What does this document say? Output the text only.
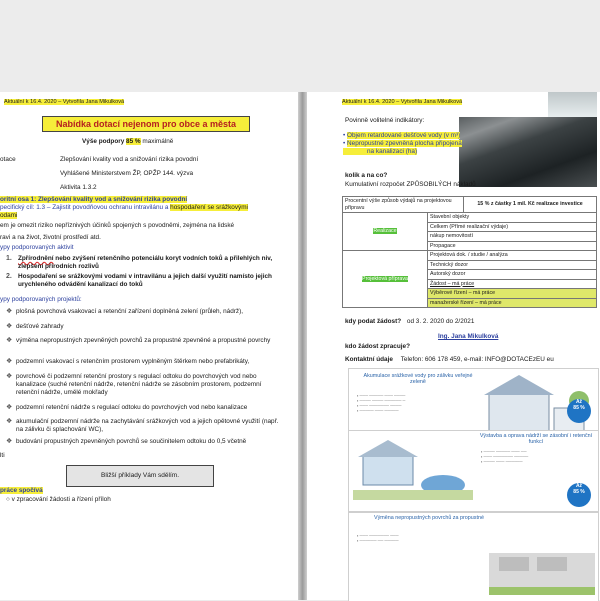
Aktuální k 16.4. 2020 – Vytvořila Jana Mikulková
Nabídka dotací nejenom pro obce a města
Výše podpory 85 % maximálně
otace	Zlepšování kvality vod a snižování rizika povodní
Vyhlášené Ministerstvem ŽP, OPŽP 144. výzva
Aktivita 1.3.2
oritní osa 1: Zlepšování kvality vod a snižování rizika povodní
pecifický cíl: 1.3 – Zajistit povodňovou ochranu intravilánu a hospodaření se srážkovými
odami
em je omezit riziko nepříznivých účinků spojených s povodněmi, zejména na lidské
ravi a na život, životní prostředí atd.
ypy podporovaných aktivit
1. Zpřírodnění nebo zvýšení retenčního potenciálu koryt vodních toků a přilehlých niv, zlepšení přírodních rozlivů
2. Hospodaření se srážkovými vodami v intravilánu a jejich další využití namísto jejich urychleného odvádění kanalizací do toků
ypy podporovaných projektů:
❖ plošná povrchová vsakovací a retenční zařízení doplněná zelení (průleh, nádrž),
❖ dešťové zahrady
❖ výměna nepropustných zpevněných povrchů za propustné zpevněné a propustné povrchy
❖ podzemní vsakovací s retenčním prostorem vyplněným štěrkem nebo prefabrikáty,
❖ povrchové či podzemní retenční prostory s regulací odtoku do povrchových vod nebo kanalizace (suché retenční nádrže, retenční nádrže se zásobním prostorem, podzemní retenční nádrže, umělé mokřady
❖ podzemní retenční nádrže s regulací odtoku do povrchových vod nebo kanalizace
❖ akumulační podzemní nádrže na zachytávání srážkových vod a jejich opětovné využití (např. na zálivku či splachování WC),
❖ budování propustných zpevněných povrchů se součinitelem odtoku do 0,5 včetně
lti
Bližší příklady Vám sdělím.
práce spočívá
○ v zpracování žádosti a řízení příloh
Aktuální k 16.4. 2020 – Vytvořila Jana Mikulková
Povinně volitelné indikátory:
• Objem retardované dešťové vody (v m³)
• Nepropustné zpevněná plocha připojená
na kanalizaci (ha)
kolik a na co?
Kumulativní rozpočet ZPŮSOBILÝCH nákladů
Procentní výše způsob výdajů na projektovou přípravu		15 % z částky 1 mil. Kč realizace investice
Realizace	Stavební objekty	
	Celkem (Přímé realizační výdaje)	
	nákup nemovitostí	
	Propagace	
Projektová příprava	Projektová dok. / studie / analýza	
	Technický dozor	
	Autorský dozor	
	Žádost – má práce	
	Výběrové řízení – má práce	
	manažerské řízení – má práce	
kdy podat žádost? od 3. 2. 2020 do 2/2021
Ing. Jana Mikulková
kdo žádost zpracuje?
Kontaktní údaje Telefon: 606 178 459, e-mail: INFO@DOTACEzEU eu
Akumulace srážkové vody pro zálivku veřejné zeleně
▪ ─── ───── ─── ────
▪ ──── ──── ────── ─
▪ ─── ─────── ────
▪ ───── ─── ─────
Až
85 %
Výstavba a oprava nádrží se zásobní i retenční funkcí
▪ ──── ───── ─── ──
▪ ─── ─────── ─────
▪ ──── ─── ──────
Výměna nepropustných povrchů za propustné
▪ ─── ─────── ───
▪ ────── ── ─────
Až
85 %
